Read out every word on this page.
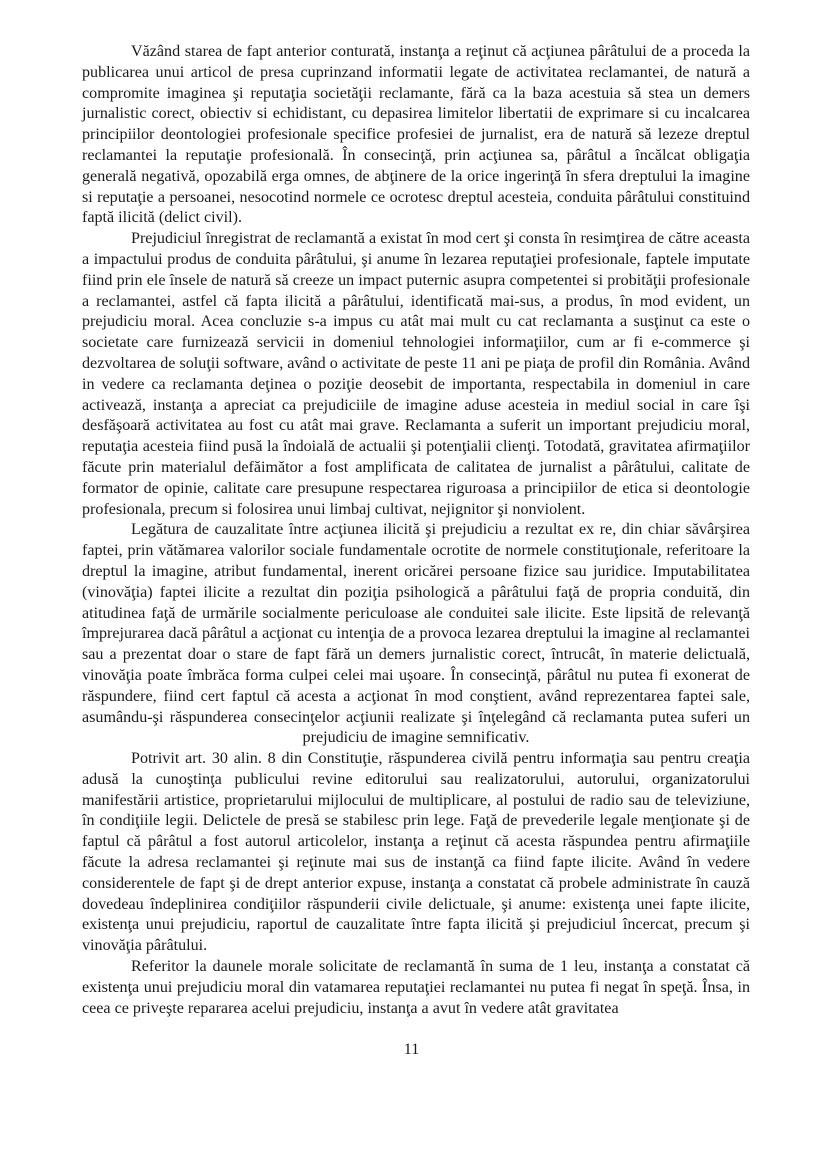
Văzând starea de fapt anterior conturată, instanţa a reţinut că acţiunea pârâtului de a proceda la publicarea unui articol de presa cuprinzand informatii legate de activitatea reclamantei, de natură a compromite imaginea şi reputaţia societăţii reclamante, fără ca la baza acestuia să stea un demers jurnalistic corect, obiectiv si echidistant, cu depasirea limitelor libertatii de exprimare si cu incalcarea principiilor deontologiei profesionale specifice profesiei de jurnalist, era de natură să lezeze dreptul reclamantei la reputaţie profesională. În consecinţă, prin acţiunea sa, pârâtul a încălcat obligaţia generală negativă, opozabilă erga omnes, de abţinere de la orice ingerinţă în sfera dreptului la imagine si reputaţie a persoanei, nesocotind normele ce ocrotesc dreptul acesteia, conduita pârâtului constituind faptă ilicită (delict civil).

Prejudiciul înregistrat de reclamantă a existat în mod cert şi consta în resimţirea de către aceasta a impactului produs de conduita pârâtului, şi anume în lezarea reputaţiei profesionale, faptele imputate fiind prin ele însele de natură să creeze un impact puternic asupra competentei si probităţii profesionale a reclamantei, astfel că fapta ilicită a pârâtului, identificată mai-sus, a produs, în mod evident, un prejudiciu moral. Acea concluzie s-a impus cu atât mai mult cu cat reclamanta a susţinut ca este o societate care furnizează servicii in domeniul tehnologiei informaţiilor, cum ar fi e-commerce şi dezvoltarea de soluţii software, având o activitate de peste 11 ani pe piaţa de profil din România. Având in vedere ca reclamanta deţinea o poziţie deosebit de importanta, respectabila in domeniul in care activează, instanţa a apreciat ca prejudiciile de imagine aduse acesteia in mediul social in care îşi desfăşoară activitatea au fost cu atât mai grave. Reclamanta a suferit un important prejudiciu moral, reputaţia acesteia fiind pusă la îndoială de actualii şi potenţialii clienţi. Totodată, gravitatea afirmaţiilor făcute prin materialul defăimător a fost amplificata de calitatea de jurnalist a pârâtului, calitate de formator de opinie, calitate care presupune respectarea riguroasa a principiilor de etica si deontologie profesionala, precum si folosirea unui limbaj cultivat, nejignitor şi nonviolent.

Legătura de cauzalitate între acţiunea ilicită şi prejudiciu a rezultat ex re, din chiar săvârşirea faptei, prin vătămarea valorilor sociale fundamentale ocrotite de normele constituţionale, referitoare la dreptul la imagine, atribut fundamental, inerent oricărei persoane fizice sau juridice. Imputabilitatea (vinovăţia) faptei ilicite a rezultat din poziţia psihologică a pârâtului faţă de propria conduită, din atitudinea faţă de urmările socialmente periculoase ale conduitei sale ilicite. Este lipsită de relevanţă împrejurarea dacă pârâtul a acţionat cu intenţia de a provoca lezarea dreptului la imagine al reclamantei sau a prezentat doar o stare de fapt fără un demers jurnalistic corect, întrucât, în materie delictuală, vinovăţia poate îmbrăca forma culpei celei mai uşoare. În consecinţă, pârâtul nu putea fi exonerat de răspundere, fiind cert faptul că acesta a acţionat în mod conştient, având reprezentarea faptei sale, asumându-şi răspunderea consecinţelor acţiunii realizate şi înţelegând că reclamanta putea suferi un prejudiciu de imagine semnificativ.

Potrivit art. 30 alin. 8 din Constituţie, răspunderea civilă pentru informaţia sau pentru creaţia adusă la cunoştinţa publicului revine editorului sau realizatorului, autorului, organizatorului manifestării artistice, proprietarului mijlocului de multiplicare, al postului de radio sau de televiziune, în condiţiile legii. Delictele de presă se stabilesc prin lege. Faţă de prevederile legale menţionate şi de faptul că pârâtul a fost autorul articolelor, instanţa a reţinut că acesta răspundea pentru afirmaţiile făcute la adresa reclamantei şi reţinute mai sus de instanţă ca fiind fapte ilicite. Având în vedere considerentele de fapt şi de drept anterior expuse, instanţa a constatat că probele administrate în cauză dovedeau îndeplinirea condiţiilor răspunderii civile delictuale, şi anume: existenţa unei fapte ilicite, existenţa unui prejudiciu, raportul de cauzalitate între fapta ilicită şi prejudiciul încercat, precum şi vinovăţia pârâtului.

Referitor la daunele morale solicitate de reclamantă în suma de 1 leu, instanţa a constatat că existenţa unui prejudiciu moral din vatamarea reputaţiei reclamantei nu putea fi negat în speţă. Însa, in ceea ce priveşte repararea acelui prejudiciu, instanţa a avut în vedere atât gravitatea

11
